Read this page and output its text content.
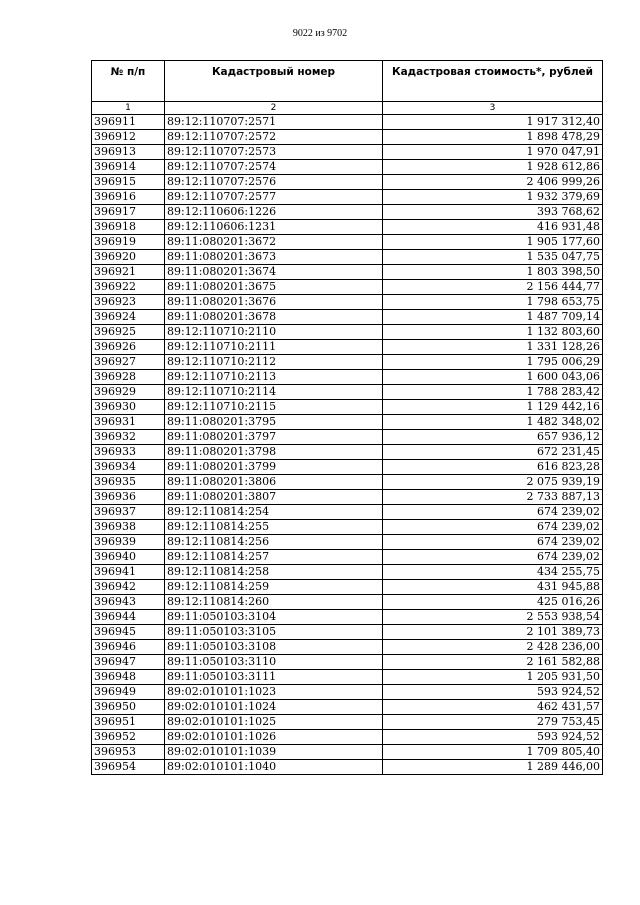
9022 из 9702
№ п/п	Кадастровый номер	Кадастровая стоимость*, рублей
1	2	3
396911	89:12:110707:2571	1 917 312,40
396912	89:12:110707:2572	1 898 478,29
396913	89:12:110707:2573	1 970 047,91
396914	89:12:110707:2574	1 928 612,86
396915	89:12:110707:2576	2 406 999,26
396916	89:12:110707:2577	1 932 379,69
396917	89:12:110606:1226	393 768,62
396918	89:12:110606:1231	416 931,48
396919	89:11:080201:3672	1 905 177,60
396920	89:11:080201:3673	1 535 047,75
396921	89:11:080201:3674	1 803 398,50
396922	89:11:080201:3675	2 156 444,77
396923	89:11:080201:3676	1 798 653,75
396924	89:11:080201:3678	1 487 709,14
396925	89:12:110710:2110	1 132 803,60
396926	89:12:110710:2111	1 331 128,26
396927	89:12:110710:2112	1 795 006,29
396928	89:12:110710:2113	1 600 043,06
396929	89:12:110710:2114	1 788 283,42
396930	89:12:110710:2115	1 129 442,16
396931	89:11:080201:3795	1 482 348,02
396932	89:11:080201:3797	657 936,12
396933	89:11:080201:3798	672 231,45
396934	89:11:080201:3799	616 823,28
396935	89:11:080201:3806	2 075 939,19
396936	89:11:080201:3807	2 733 887,13
396937	89:12:110814:254	674 239,02
396938	89:12:110814:255	674 239,02
396939	89:12:110814:256	674 239,02
396940	89:12:110814:257	674 239,02
396941	89:12:110814:258	434 255,75
396942	89:12:110814:259	431 945,88
396943	89:12:110814:260	425 016,26
396944	89:11:050103:3104	2 553 938,54
396945	89:11:050103:3105	2 101 389,73
396946	89:11:050103:3108	2 428 236,00
396947	89:11:050103:3110	2 161 582,88
396948	89:11:050103:3111	1 205 931,50
396949	89:02:010101:1023	593 924,52
396950	89:02:010101:1024	462 431,57
396951	89:02:010101:1025	279 753,45
396952	89:02:010101:1026	593 924,52
396953	89:02:010101:1039	1 709 805,40
396954	89:02:010101:1040	1 289 446,00
